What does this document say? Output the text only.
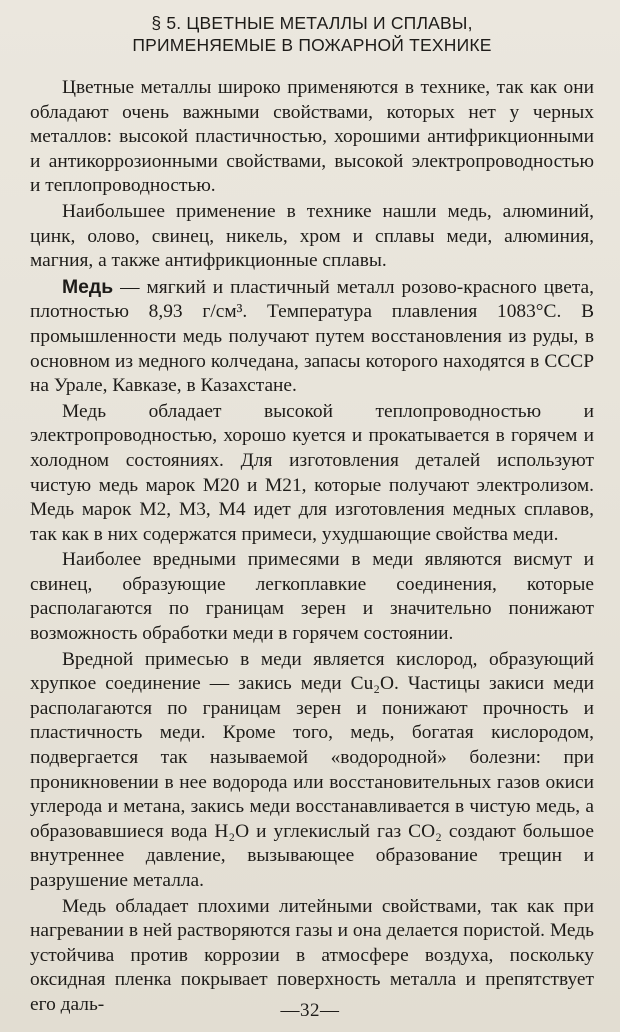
§ 5. ЦВЕТНЫЕ МЕТАЛЛЫ И СПЛАВЫ,
ПРИМЕНЯЕМЫЕ В ПОЖАРНОЙ ТЕХНИКЕ

Цветные металлы широко применяются в технике, так как они обладают очень важными свойствами, которых нет у черных металлов: высокой пластичностью, хорошими антифрикционными и антикоррозионными свойствами, высокой электропроводностью и теплопроводностью.

Наибольшее применение в технике нашли медь, алюминий, цинк, олово, свинец, никель, хром и сплавы меди, алюминия, магния, а также антифрикционные сплавы.

Медь — мягкий и пластичный металл розово-красного цвета, плотностью 8,93 г/см³. Температура плавления 1083°С. В промышленности медь получают путем восстановления из руды, в основном из медного колчедана, запасы которого находятся в СССР на Урале, Кавказе, в Казахстане.

Медь обладает высокой теплопроводностью и электропроводностью, хорошо куется и прокатывается в горячем и холодном состояниях. Для изготовления деталей используют чистую медь марок М20 и М21, которые получают электролизом. Медь марок М2, М3, М4 идет для изготовления медных сплавов, так как в них содержатся примеси, ухудшающие свойства меди.

Наиболее вредными примесями в меди являются висмут и свинец, образующие легкоплавкие соединения, которые располагаются по границам зерен и значительно понижают возможность обработки меди в горячем состоянии.

Вредной примесью в меди является кислород, образующий хрупкое соединение — закись меди Cu₂O. Частицы закиси меди располагаются по границам зерен и понижают прочность и пластичность меди. Кроме того, медь, богатая кислородом, подвергается так называемой «водородной» болезни: при проникновении в нее водорода или восстановительных газов окиси углерода и метана, закись меди восстанавливается в чистую медь, а образовавшиеся вода H₂O и углекислый газ CO₂ создают большое внутреннее давление, вызывающее образование трещин и разрушение металла.

Медь обладает плохими литейными свойствами, так как при нагревании в ней растворяются газы и она делается пористой. Медь устойчива против коррозии в атмосфере воздуха, поскольку оксидная пленка покрывает поверхность металла и препятствует его даль-	—32—
